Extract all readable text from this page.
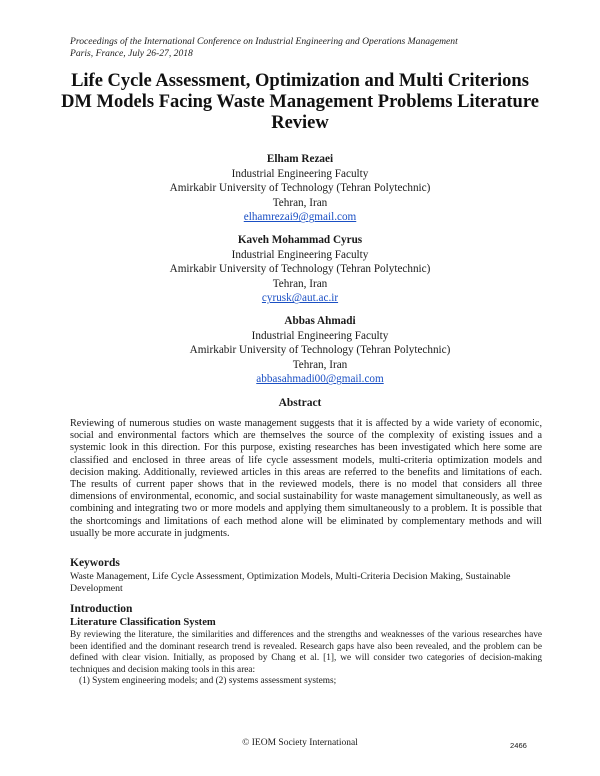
Proceedings of the International Conference on Industrial Engineering and Operations Management
Paris, France, July 26-27, 2018
Life Cycle Assessment, Optimization and Multi Criterions
DM Models Facing Waste Management Problems Literature
Review
Elham Rezaei
Industrial Engineering Faculty
Amirkabir University of Technology (Tehran Polytechnic)
Tehran, Iran
elhamrezai9@gmail.com
Kaveh Mohammad Cyrus
Industrial Engineering Faculty
Amirkabir University of Technology (Tehran Polytechnic)
Tehran, Iran
cyrusk@aut.ac.ir
Abbas Ahmadi
Industrial Engineering Faculty
Amirkabir University of Technology (Tehran Polytechnic)
Tehran, Iran
abbasahmadi00@gmail.com
Abstract
Reviewing of numerous studies on waste management suggests that it is affected by a wide variety of economic, social and environmental factors which are themselves the source of the complexity of existing issues and a systemic look in this direction. For this purpose, existing researches has been investigated which here some are classified and enclosed in three areas of life cycle assessment models, multi-criteria optimization models and decision making. Additionally, reviewed articles in this areas are referred to the benefits and limitations of each. The results of current paper shows that in the reviewed models, there is no model that considers all three dimensions of environmental, economic, and social sustainability for waste management simultaneously, as well as combining and integrating two or more models and applying them simultaneously to a problem. It is possible that the shortcomings and limitations of each method alone will be eliminated by complementary methods and will usually be more accurate in judgments.
Keywords
Waste Management, Life Cycle Assessment, Optimization Models, Multi-Criteria Decision Making, Sustainable Development
Introduction
Literature Classification System
By reviewing the literature, the similarities and differences and the strengths and weaknesses of the various researches have been identified and the dominant research trend is revealed. Research gaps have also been revealed, and the problem can be defined with clear vision. Initially, as proposed by Chang et al. [1], we will consider two categories of decision-making techniques and decision making tools in this area:
(1) System engineering models; and (2) systems assessment systems;
© IEOM Society International	2466
